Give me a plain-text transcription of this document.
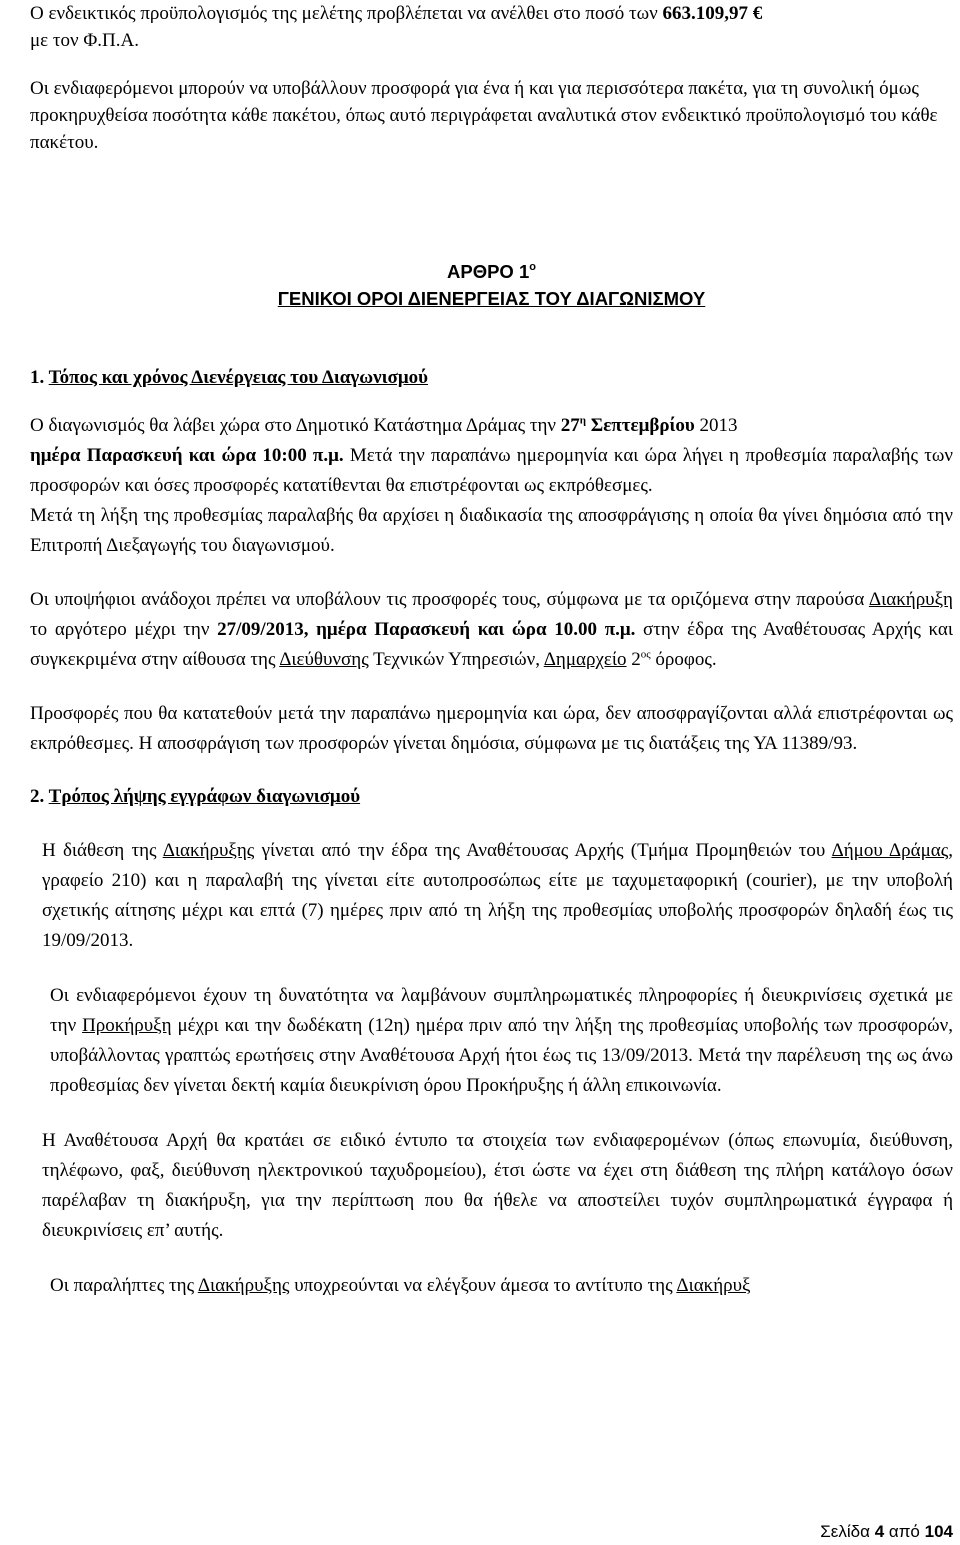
Ο ενδεικτικός προϋπολογισμός της μελέτης προβλέπεται να ανέλθει στο ποσό των 663.109,97 €
με τον Φ.Π.Α.

Οι ενδιαφερόμενοι μπορούν να υποβάλλουν προσφορά για ένα ή και για περισσότερα πακέτα, για τη συνολική όμως προκηρυχθείσα ποσότητα κάθε πακέτου, όπως αυτό περιγράφεται αναλυτικά στον ενδεικτικό προϋπολογισμό του κάθε πακέτου.

ΑΡΘΡΟ $1^o$
ΓΕΝΙΚΟΙ ΟΡΟΙ ΔΙΕΝΕΡΓΕΙΑΣ ΤΟΥ ΔΙΑΓΩΝΙΣΜΟΥ

1. Τόπος και χρόνος Διενέργειας του Διαγωνισμού

Ο διαγωνισμός θα λάβει χώρα στο Δημοτικό Κατάστημα Δράμας την $27^\eta$ Σεπτεμβρίου 2013
ημέρα Παρασκευή και ώρα 10:00 π.μ. Μετά την παραπάνω ημερομηνία και ώρα λήγει η προθεσμία παραλαβής των προσφορών και όσες προσφορές κατατίθενται θα επιστρέφονται ως εκπρόθεσμες.

Μετά τη λήξη της προθεσμίας παραλαβής θα αρχίσει η διαδικασία της αποσφράγισης η οποία θα γίνει δημόσια από την Επιτροπή Διεξαγωγής του διαγωνισμού.

Οι υποψήφιοι ανάδοχοι πρέπει να υποβάλουν τις προσφορές τους, σύμφωνα με τα οριζόμενα στην παρούσα Διακήρυξη το αργότερο μέχρι την 27/09/2013, ημέρα Παρασκευή και ώρα 10.00 π.μ. στην έδρα της Αναθέτουσας Αρχής και συγκεκριμένα στην αίθουσα της Διεύθυνσης Τεχνικών Υπηρεσιών, Δημαρχείο $2^{o\varsigma}$ όροφος.

Προσφορές που θα κατατεθούν μετά την παραπάνω ημερομηνία και ώρα, δεν αποσφραγίζονται αλλά επιστρέφονται ως εκπρόθεσμες. Η αποσφράγιση των προσφορών γίνεται δημόσια, σύμφωνα με τις διατάξεις της ΥΑ 11389/93.

2. Τρόπος λήψης εγγράφων διαγωνισμού

Η διάθεση της Διακήρυξης γίνεται από την έδρα της Αναθέτουσας Αρχής (Τμήμα Προμηθειών του Δήμου Δράμας, γραφείο 210) και η παραλαβή της γίνεται είτε αυτοπροσώπως είτε με ταχυμεταφορική (courier), με την υποβολή σχετικής αίτησης μέχρι και επτά (7) ημέρες πριν από τη λήξη της προθεσμίας υποβολής προσφορών δηλαδή έως τις 19/09/2013.

Οι ενδιαφερόμενοι έχουν τη δυνατότητα να λαμβάνουν συμπληρωματικές πληροφορίες ή διευκρινίσεις σχετικά με την Προκήρυξη μέχρι και την δωδέκατη (12η) ημέρα πριν από την λήξη της προθεσμίας υποβολής των προσφορών, υποβάλλοντας γραπτώς ερωτήσεις στην Αναθέτουσα Αρχή ήτοι έως τις 13/09/2013. Μετά την παρέλευση της ως άνω προθεσμίας δεν γίνεται δεκτή καμία διευκρίνιση όρου Προκήρυξης ή άλλη επικοινωνία.

Η Αναθέτουσα Αρχή θα κρατάει σε ειδικό έντυπο τα στοιχεία των ενδιαφερομένων (όπως επωνυμία, διεύθυνση, τηλέφωνο, φαξ, διεύθυνση ηλεκτρονικού ταχυδρομείου), έτσι ώστε να έχει στη διάθεση της πλήρη κατάλογο όσων παρέλαβαν τη διακήρυξη, για την περίπτωση που θα ήθελε να αποστείλει τυχόν συμπληρωματικά έγγραφα ή διευκρινίσεις επ’ αυτής.

Οι παραλήπτες της Διακήρυξης υποχρεούνται να ελέγξουν άμεσα το αντίτυπο της Διακήρυξ

Σελίδα 4 από 104
